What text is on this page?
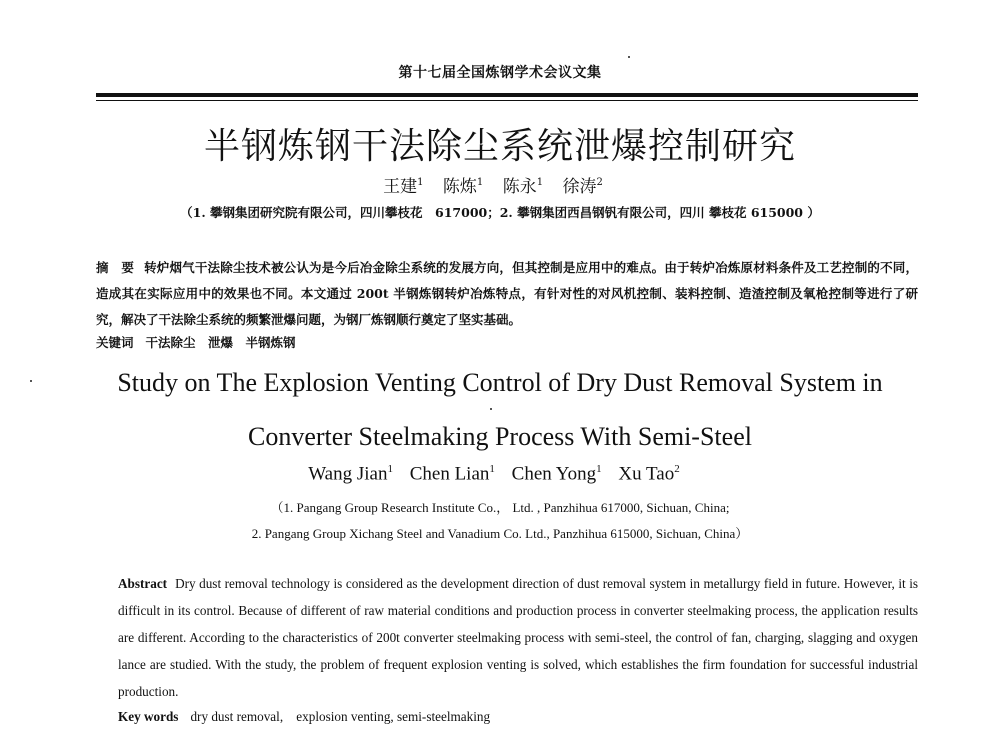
第十七届全国炼钢学术会议文集
半钢炼钢干法除尘系统泄爆控制研究
王建$^1$ 陈炼$^1$ 陈永$^1$ 徐涛$^2$
（1. 攀钢集团研究院有限公司，四川攀枝花　617000；2. 攀钢集团西昌钢钒有限公司，四川 攀枝花 615000 ）
摘　要 转炉烟气干法除尘技术被公认为是今后冶金除尘系统的发展方向，但其控制是应用中的难点。由于转炉冶炼原材料条件及工艺控制的不同，造成其在实际应用中的效果也不同。本文通过 200t 半钢炼钢转炉冶炼特点，有针对性的对风机控制、装料控制、造渣控制及氧枪控制等进行了研究，解决了干法除尘系统的频繁泄爆问题，为钢厂炼钢顺行奠定了坚实基础。
关键词 干法除尘　泄爆　半钢炼钢
Study on The Explosion Venting Control of Dry Dust Removal System in
Converter Steelmaking Process With Semi-Steel
Wang Jian$^1$ Chen Lian$^1$ Chen Yong$^1$ Xu Tao$^2$
（1. Pangang Group Research Institute Co.， Ltd. , Panzhihua 617000, Sichuan, China;
2. Pangang Group Xichang Steel and Vanadium Co. Ltd., Panzhihua 615000, Sichuan, China）
Abstract Dry dust removal technology is considered as the development direction of dust removal system in metallurgy field in future. However, it is difficult in its control. Because of different of raw material conditions and production process in converter steelmaking process, the application results are different. According to the characteristics of 200t converter steelmaking process with semi-steel, the control of fan, charging, slagging and oxygen lance are studied. With the study, the problem of frequent explosion venting is solved, which establishes the firm foundation for successful industrial production.
Key words dry dust removal,　explosion venting, semi-steelmaking
